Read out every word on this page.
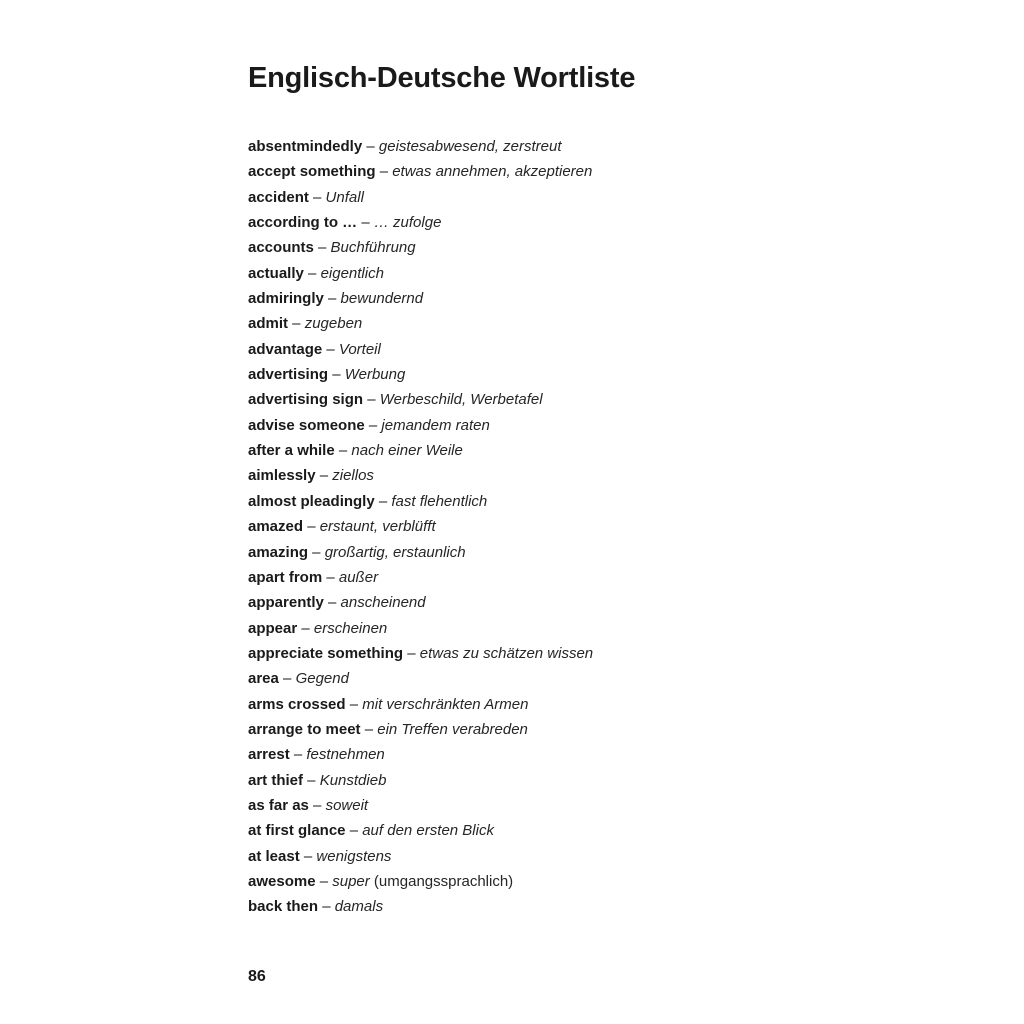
Englisch-Deutsche Wortliste
absentmindedly – geistesabwesend, zerstreut
accept something – etwas annehmen, akzeptieren
accident – Unfall
according to … – … zufolge
accounts – Buchführung
actually – eigentlich
admiringly – bewundernd
admit – zugeben
advantage – Vorteil
advertising – Werbung
advertising sign – Werbeschild, Werbetafel
advise someone – jemandem raten
after a while – nach einer Weile
aimlessly – ziellos
almost pleadingly – fast flehentlich
amazed – erstaunt, verblüfft
amazing – großartig, erstaunlich
apart from – außer
apparently – anscheinend
appear – erscheinen
appreciate something – etwas zu schätzen wissen
area – Gegend
arms crossed – mit verschränkten Armen
arrange to meet – ein Treffen verabreden
arrest – festnehmen
art thief – Kunstdieb
as far as – soweit
at first glance – auf den ersten Blick
at least – wenigstens
awesome – super (umgangssprachlich)
back then – damals
86
